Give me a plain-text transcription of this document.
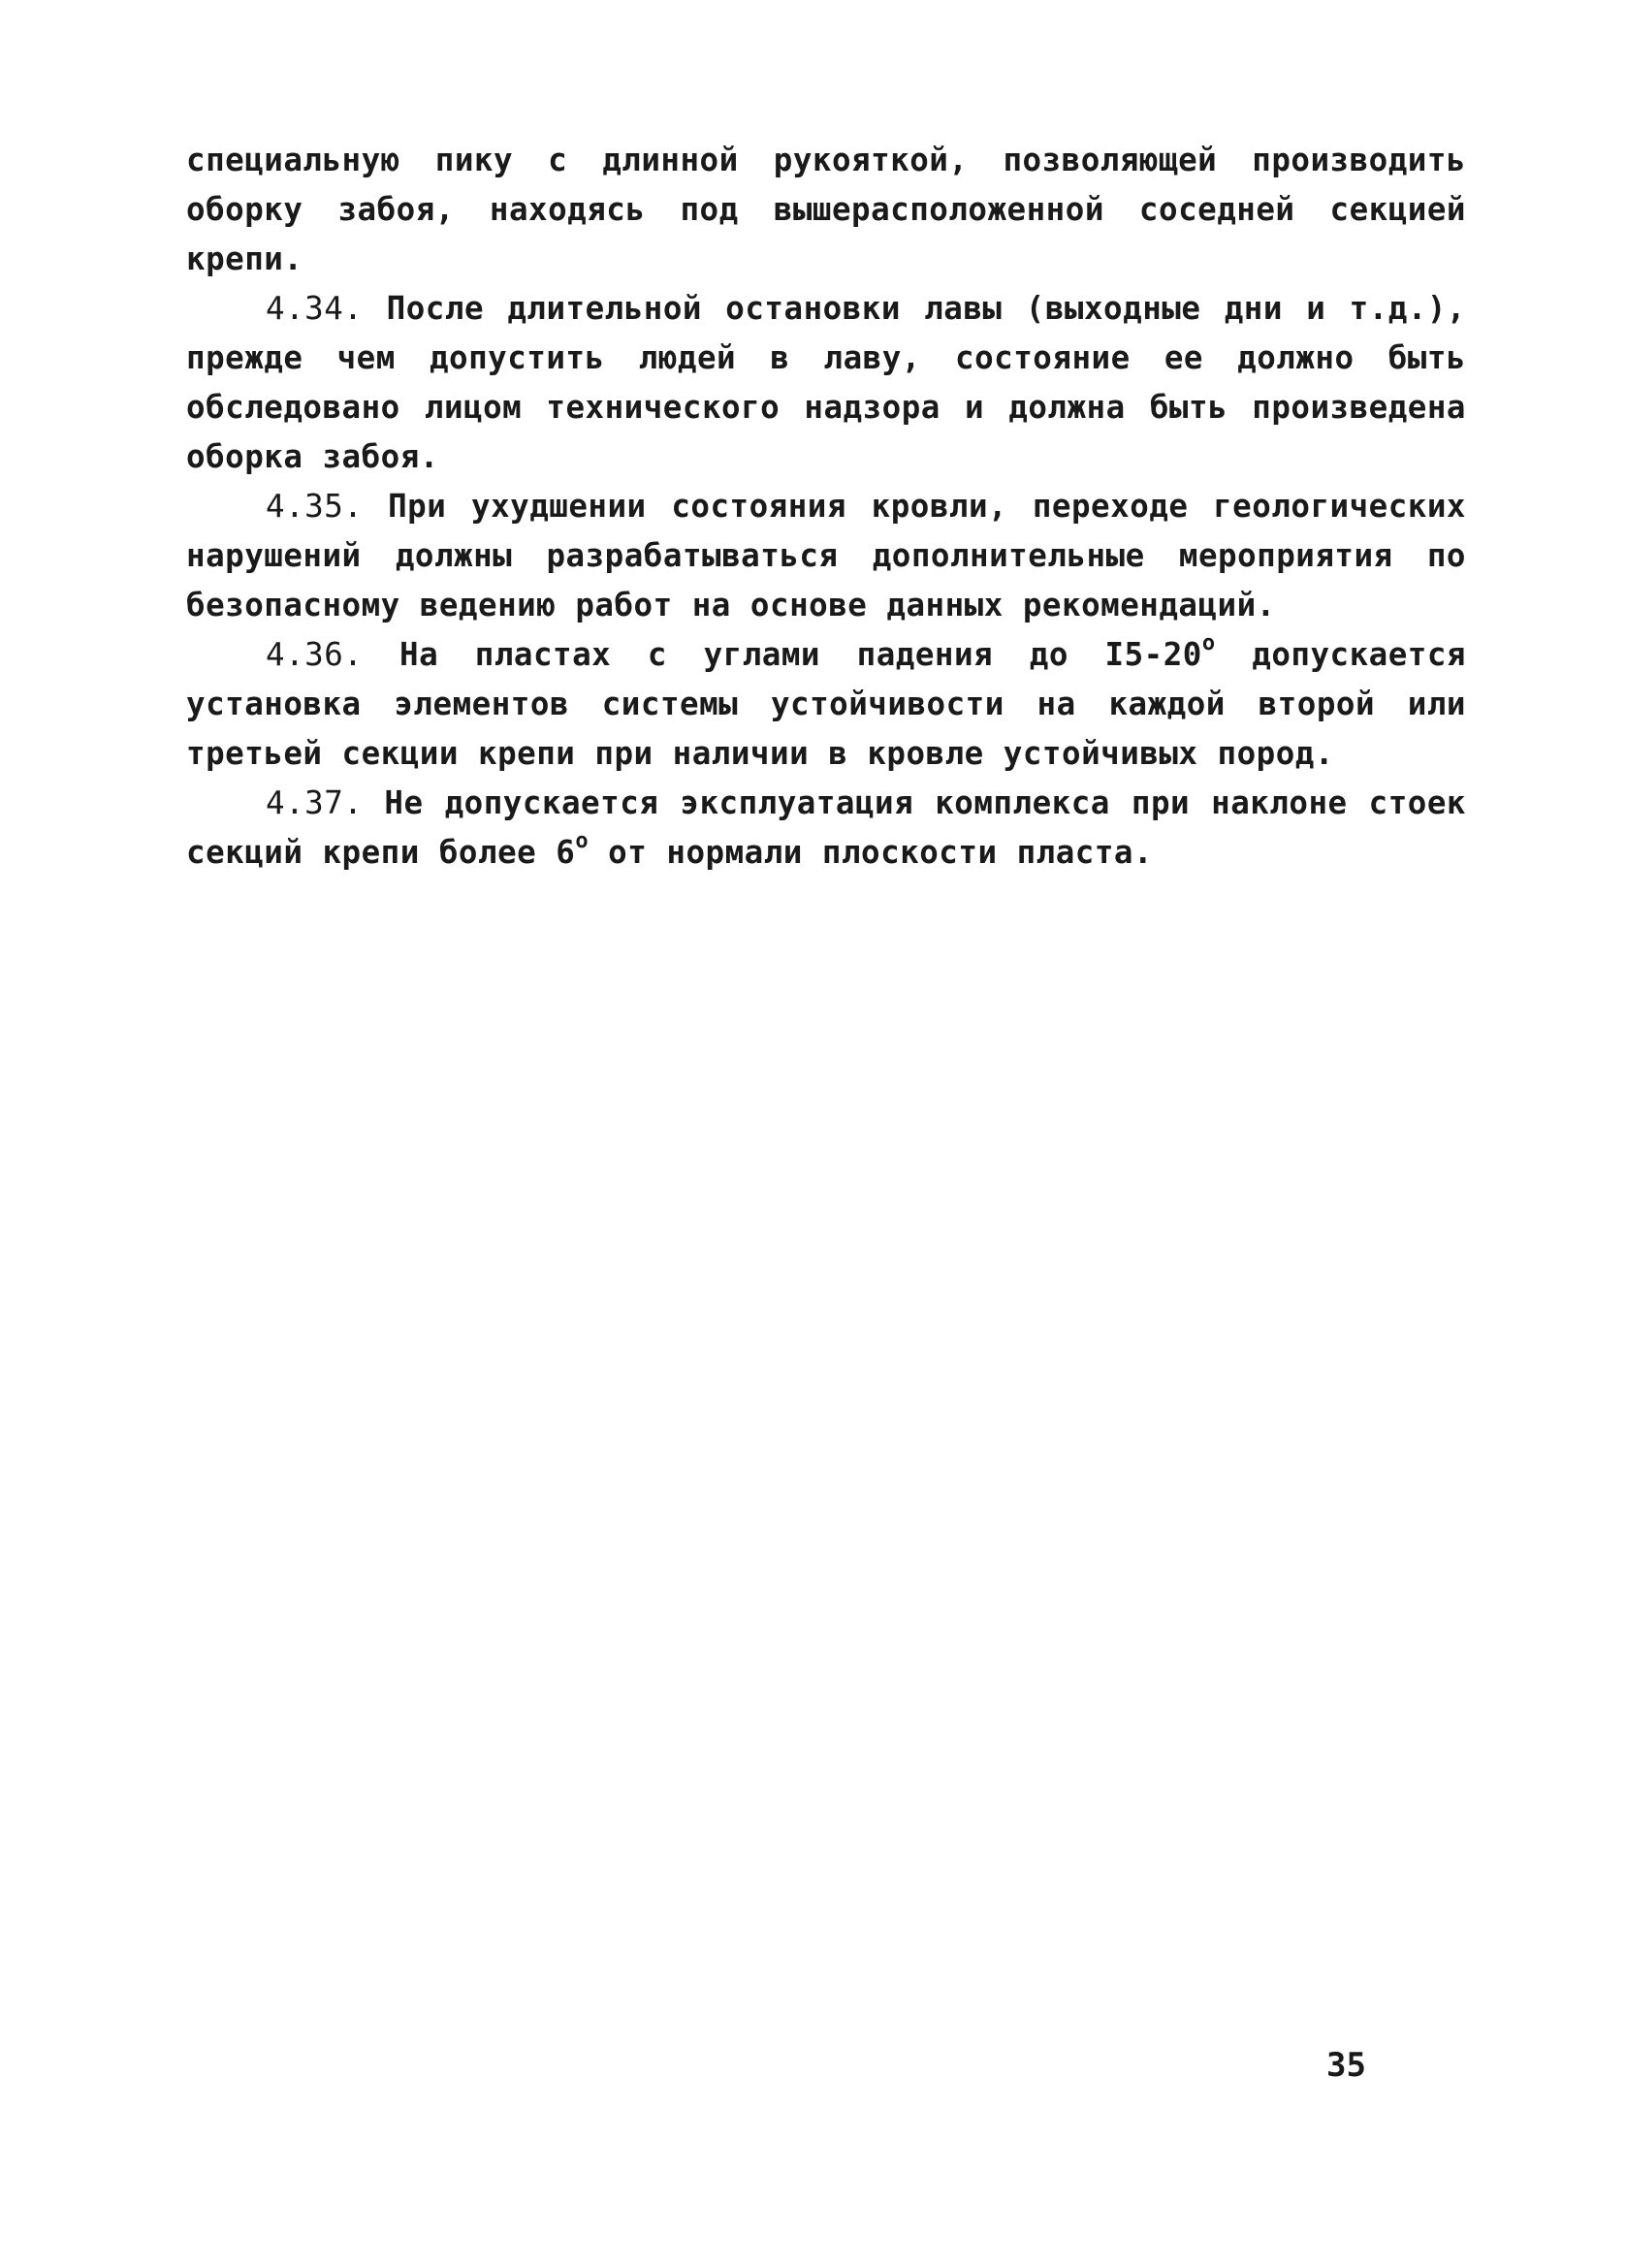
специальную пику с длинной рукояткой, позволяющей производить оборку забоя, находясь под вышерасположенной соседней секцией крепи.

4.34. После длительной остановки лавы (выходные дни и т.д.), прежде чем допустить людей в лаву, состояние ее должно быть обследовано лицом технического надзора и должна быть произведена оборка забоя.

4.35. При ухудшении состояния кровли, переходе геологических нарушений должны разрабатываться дополнительные мероприятия по безопасному ведению работ на основе данных рекомендаций.

4.36. На пластах с углами падения до $I5-20^о$ допускается установка элементов системы устойчивости на каждой второй или третьей секции крепи при наличии в кровле устойчивых пород.

4.37. Не допускается эксплуатация комплекса при наклоне стоек секций крепи более $6^о$ от нормали плоскости пласта.

35
